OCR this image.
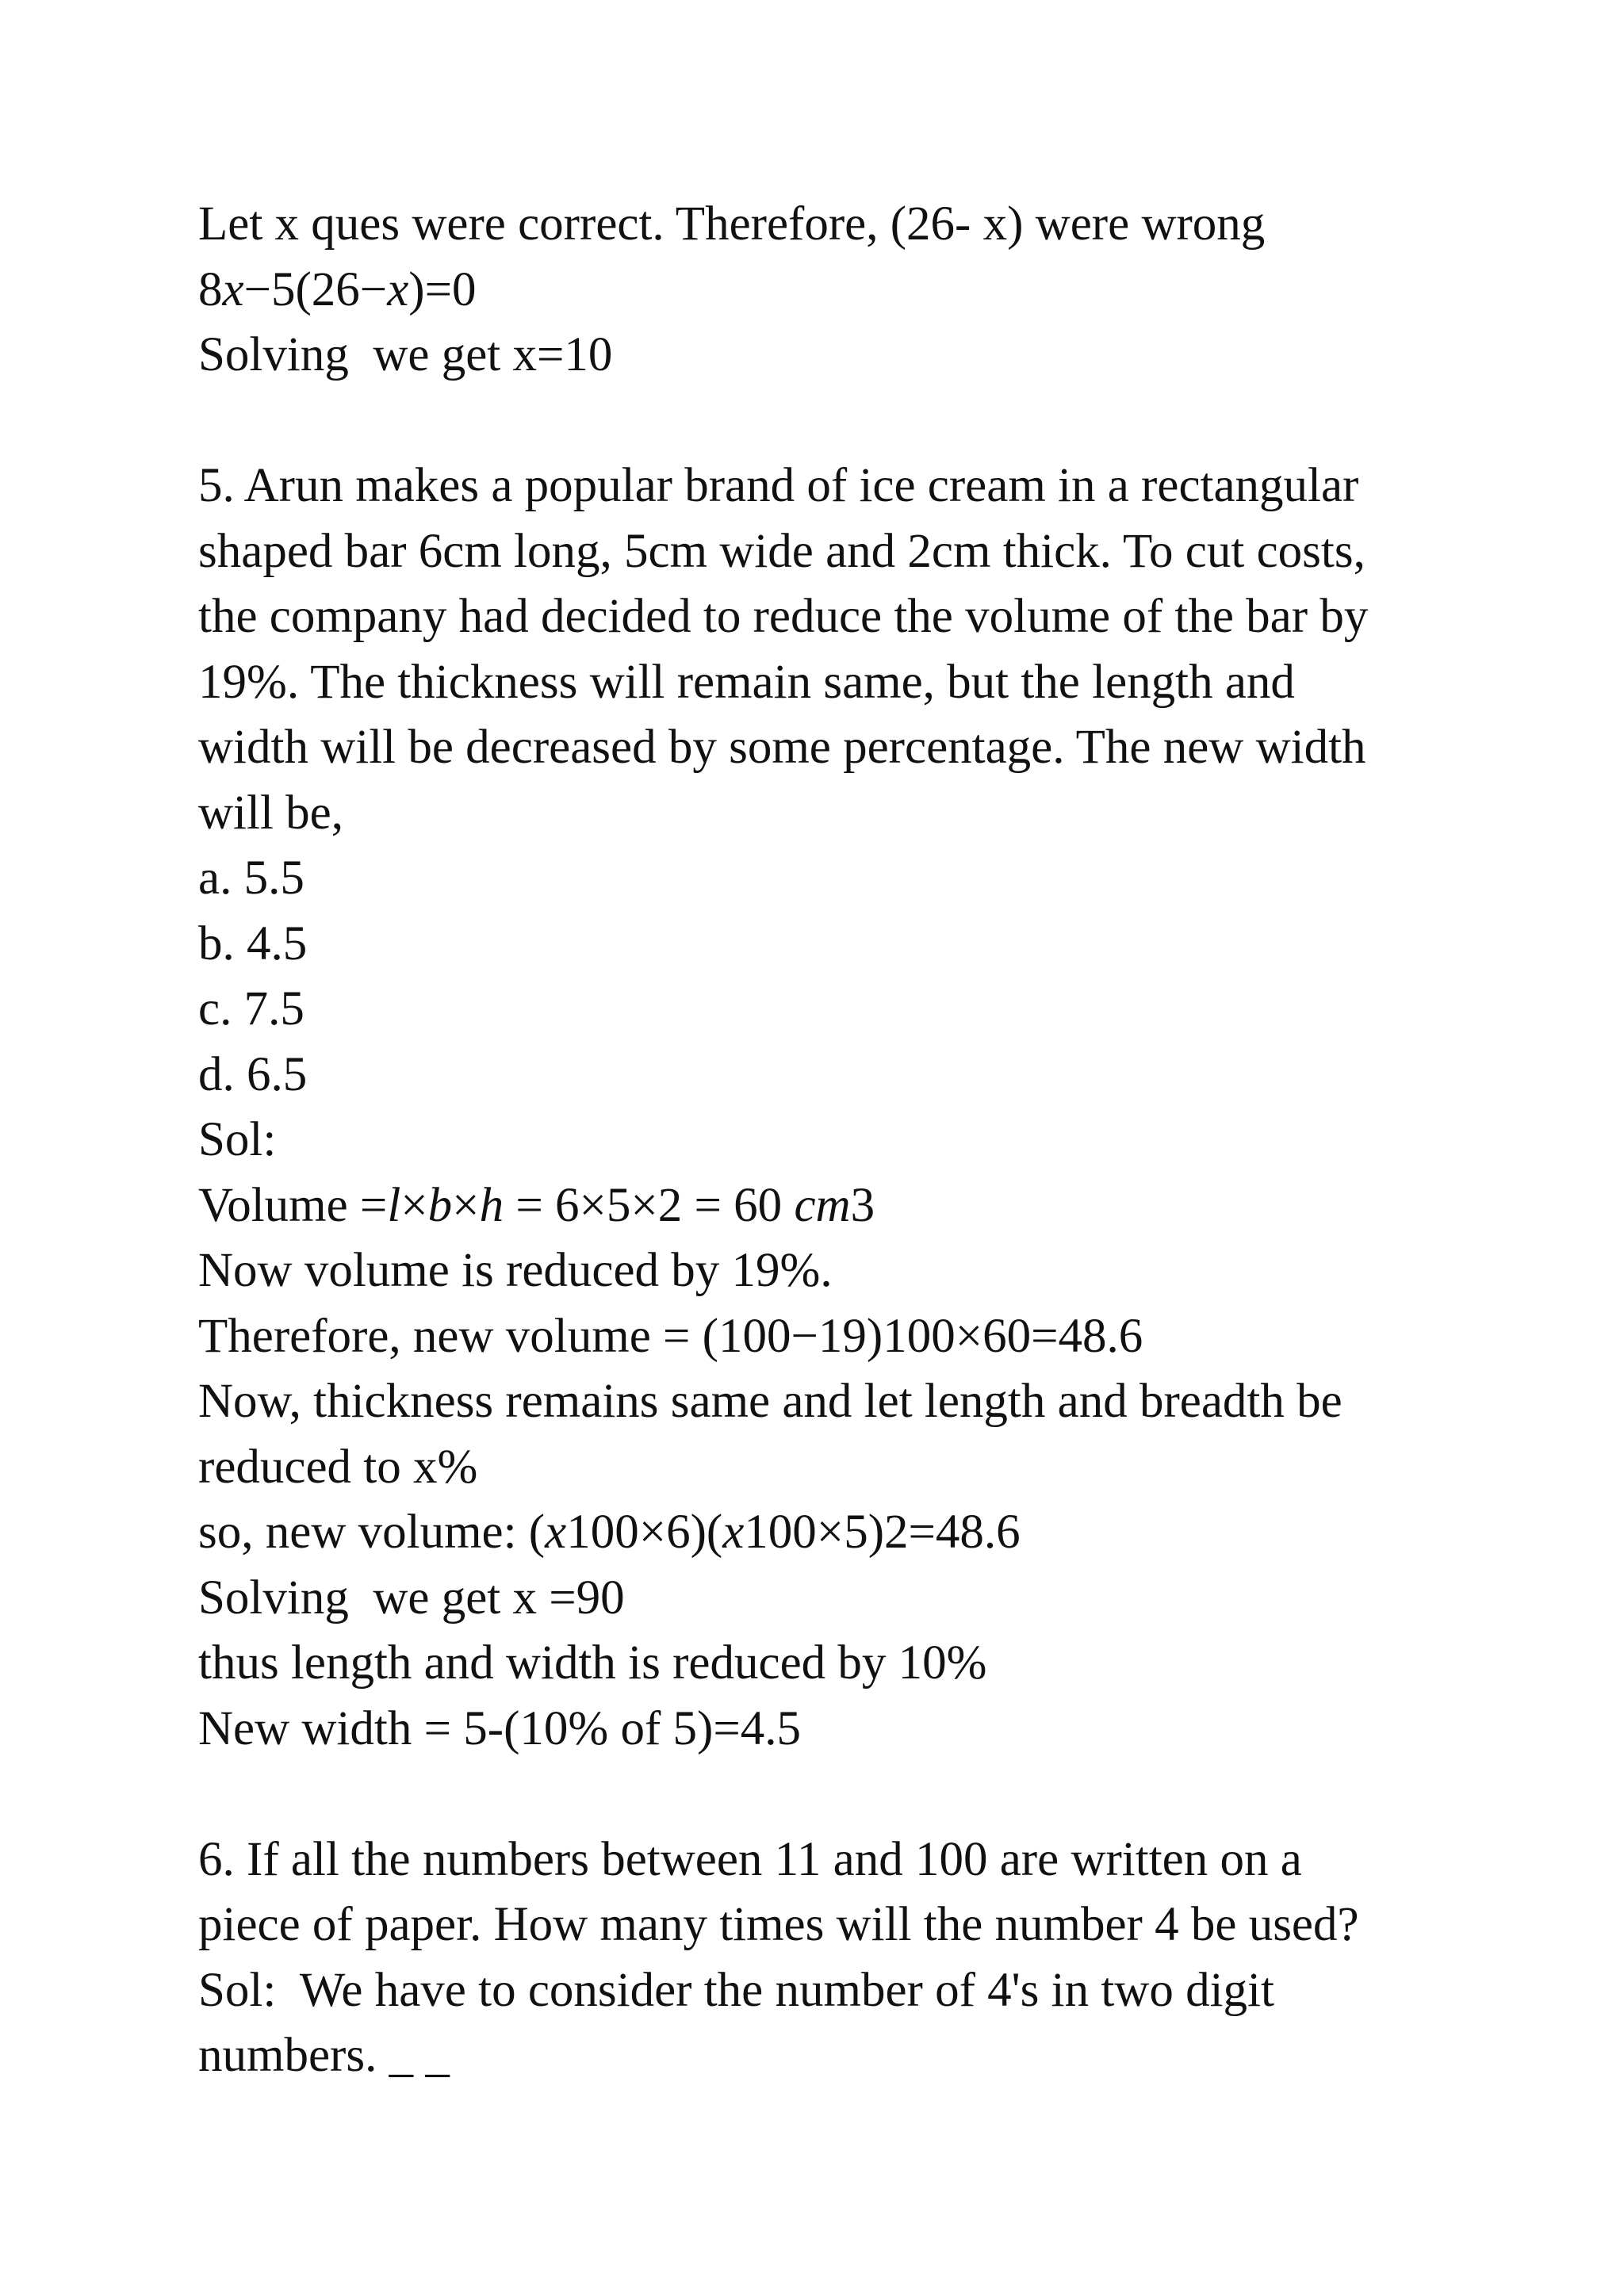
Let x ques were correct. Therefore, (26- x) were wrong
8x−5(26−x)=0
Solving  we get x=10
5. Arun makes a popular brand of ice cream in a rectangular
shaped bar 6cm long, 5cm wide and 2cm thick. To cut costs,
the company had decided to reduce the volume of the bar by
19%. The thickness will remain same, but the length and
width will be decreased by some percentage. The new width
will be,
a. 5.5
b. 4.5
c. 7.5
d. 6.5
Sol:
Volume =l×b×h = 6×5×2 = 60 cm3
Now volume is reduced by 19%.
Therefore, new volume = (100−19)100×60=48.6
Now, thickness remains same and let length and breadth be
reduced to x%
so, new volume: (x100×6)(x100×5)2=48.6
Solving  we get x =90
thus length and width is reduced by 10%
New width = 5-(10% of 5)=4.5
6. If all the numbers between 11 and 100 are written on a
piece of paper. How many times will the number 4 be used?
Sol:  We have to consider the number of 4's in two digit
numbers. _ _
